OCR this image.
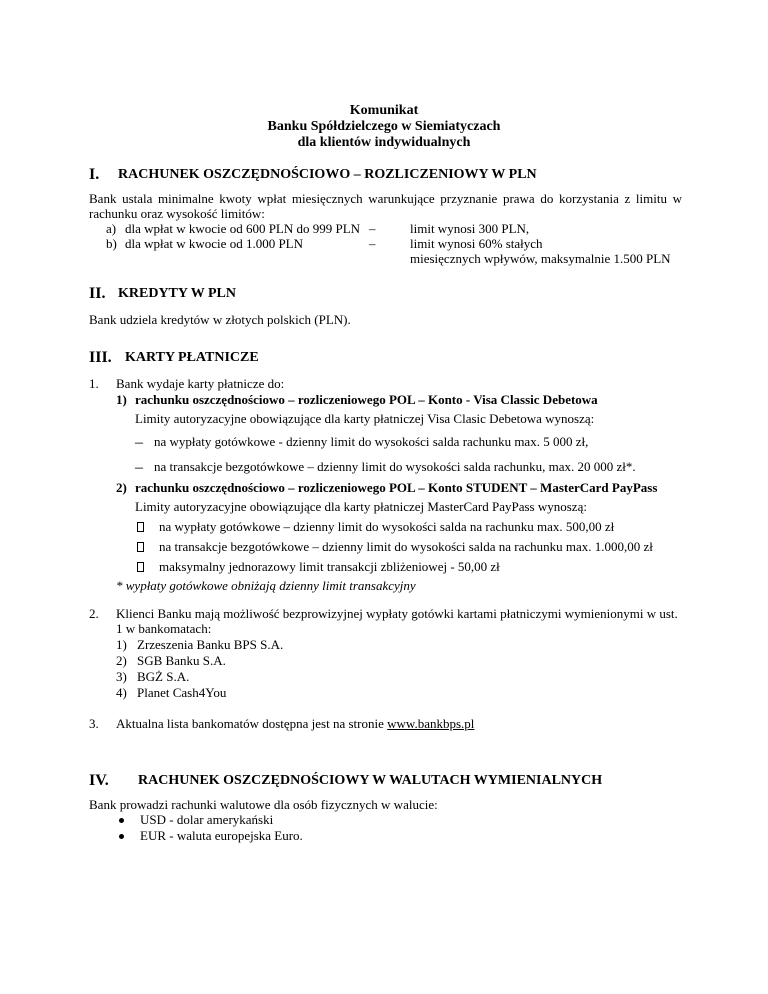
Komunikat
Banku Spółdzielczego w Siemiatyczach
dla klientów indywidualnych
I. RACHUNEK OSZCZĘDNOŚCIOWO – ROZLICZENIOWY W PLN
Bank ustala minimalne kwoty wpłat miesięcznych warunkujące przyznanie prawa do korzystania z limitu w
rachunku oraz wysokość limitów:
a) dla wpłat w kwocie od 600 PLN do 999 PLN –	limit wynosi 300 PLN,
b) dla wpłat w kwocie od 1.000 PLN	–	limit wynosi 60% stałych
miesięcznych wpływów, maksymalnie 1.500 PLN
II. KREDYTY W PLN
Bank udziela kredytów w złotych polskich (PLN).
III. KARTY PŁATNICZE
1. Bank wydaje karty płatnicze do:
1) rachunku oszczędnościowo – rozliczeniowego POL – Konto - Visa Classic Debetowa
Limity autoryzacyjne obowiązujące dla karty płatniczej Visa Clasic Debetowa wynoszą:
– na wypłaty gotówkowe - dzienny limit do wysokości salda rachunku max. 5 000 zł,
– na transakcje bezgotówkowe – dzienny limit do wysokości salda rachunku, max. 20 000 zł*.
2) rachunku oszczędnościowo – rozliczeniowego POL – Konto STUDENT – MasterCard PayPass
Limity autoryzacyjne obowiązujące dla karty płatniczej MasterCard PayPass wynoszą:
na wypłaty gotówkowe – dzienny limit do wysokości salda na rachunku max. 500,00 zł
na transakcje bezgotówkowe – dzienny limit do wysokości salda na rachunku max. 1.000,00 zł
maksymalny jednorazowy limit transakcji zbliżeniowej - 50,00 zł
* wypłaty gotówkowe obniżają dzienny limit transakcyjny
2. Klienci Banku mają możliwość bezprowizyjnej wypłaty gotówki kartami płatniczymi wymienionymi w ust.
1 w bankomatach:
1) Zrzeszenia Banku BPS S.A.
2) SGB Banku S.A.
3) BGŻ S.A.
4) Planet Cash4You
3. Aktualna lista bankomatów dostępna jest na stronie www.bankbps.pl
IV. RACHUNEK OSZCZĘDNOŚCIOWY W WALUTACH WYMIENIALNYCH
Bank prowadzi rachunki walutowe dla osób fizycznych w walucie:
USD - dolar amerykański
EUR - waluta europejska Euro.
